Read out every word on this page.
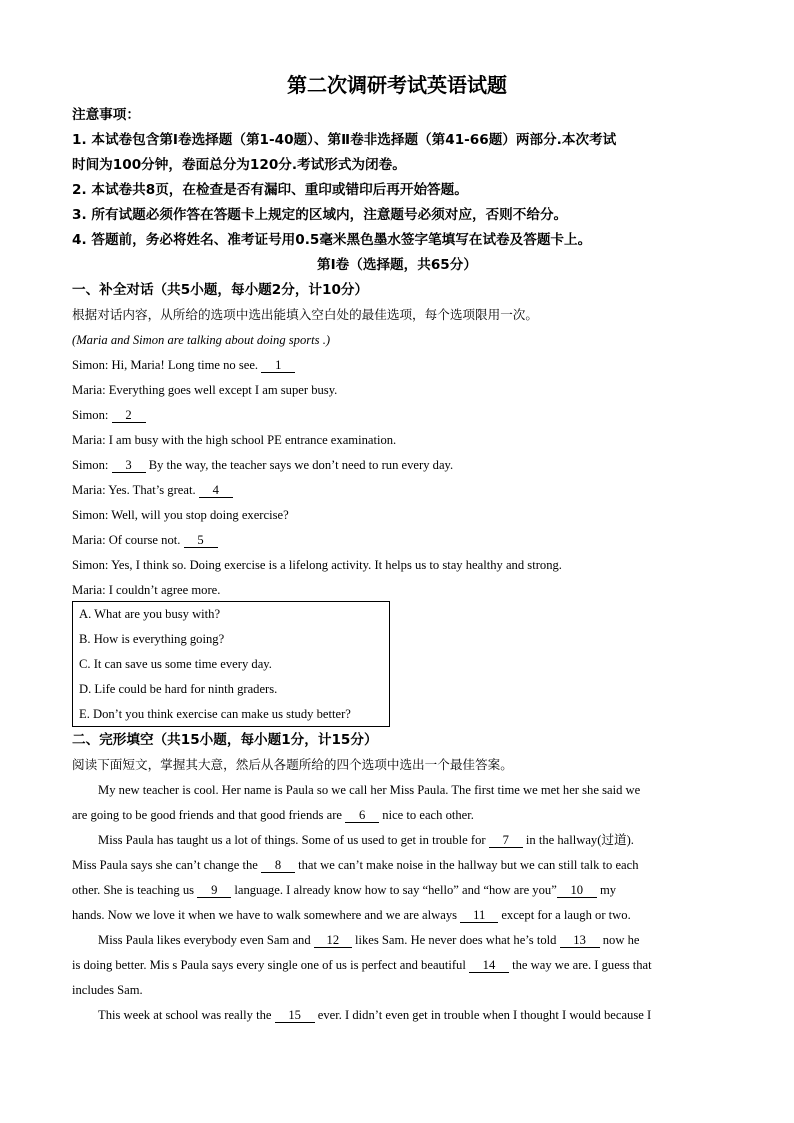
第二次调研考试英语试题
注意事项：
1. 本试卷包含第Ⅰ卷选择题（第1-40题）、第Ⅱ卷非选择题（第41-66题）两部分.本次考试
时间为100分钟，卷面总分为120分.考试形式为闭卷。
2. 本试卷共8页，在检查是否有漏印、重印或错印后再开始答题。
3. 所有试题必须作答在答题卡上规定的区域内，注意题号必须对应，否则不给分。
4. 答题前，务必将姓名、准考证号用0.5毫米黑色墨水签字笔填写在试卷及答题卡上。
第Ⅰ卷（选择题，共65分）
一、补全对话（共5小题，每小题2分，计10分）
根据对话内容，从所给的选项中选出能填入空白处的最佳选项，每个选项限用一次。
(Maria and Simon are talking about doing sports .)
Simon: Hi, Maria! Long time no see. 1
Maria: Everything goes well except I am super busy.
Simon: 2
Maria: I am busy with the high school PE entrance examination.
Simon: 3 By the way, the teacher says we don’t need to run every day.
Maria: Yes. That’s great. 4
Simon: Well, will you stop doing exercise?
Maria: Of course not. 5
Simon: Yes, I think so. Doing exercise is a lifelong activity. It helps us to stay healthy and strong.
Maria: I couldn’t agree more.
A. What are you busy with?
B. How is everything going?
C. It can save us some time every day.
D. Life could be hard for ninth graders.
E. Don’t you think exercise can make us study better?
二、完形填空（共15小题，每小题1分，计15分）
阅读下面短文，掌握其大意，然后从各题所给的四个选项中选出一个最佳答案。
My new teacher is cool. Her name is Paula so we call her Miss Paula. The first time we met her she said we
are going to be good friends and that good friends are 6 nice to each other.
Miss Paula has taught us a lot of things. Some of us used to get in trouble for 7 in the hallway(过道).
Miss Paula says she can’t change the 8 that we can’t make noise in the hallway but we can still talk to each
other. She is teaching us 9 language. I already know how to say “hello” and “how are you” 10 my
hands. Now we love it when we have to walk somewhere and we are always 11 except for a laugh or two.
Miss Paula likes everybody even Sam and 12 likes Sam. He never does what he’s told 13 now he
is doing better. Mis s Paula says every single one of us is perfect and beautiful 14 the way we are. I guess that
includes Sam.
This week at school was really the 15 ever. I didn’t even get in trouble when I thought I would because I
